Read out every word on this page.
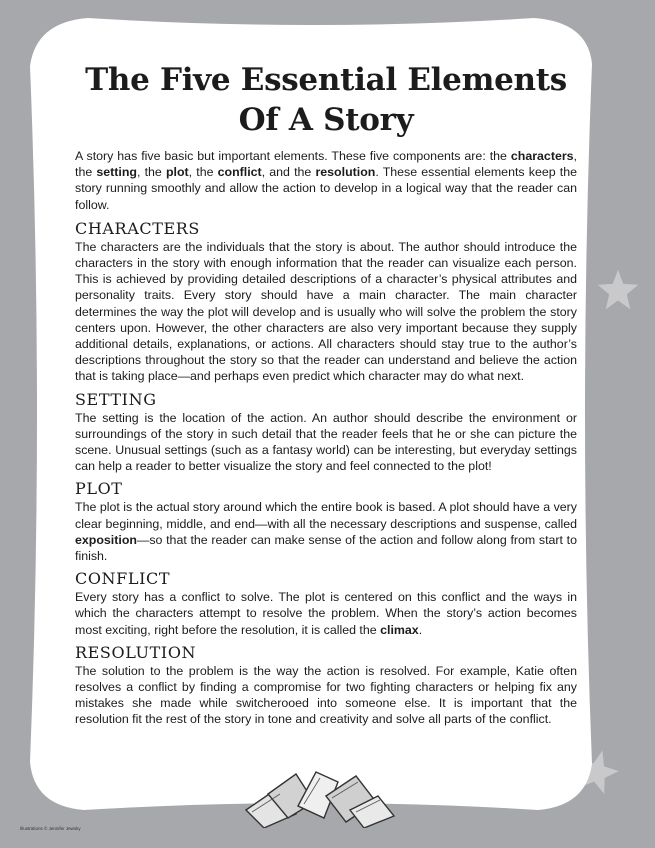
The Five Essential Elements
Of A Story

A story has five basic but important elements. These five components are: the characters, the setting, the plot, the conflict, and the resolution. These essential elements keep the story running smoothly and allow the action to develop in a logical way that the reader can follow.

CHARACTERS

The characters are the individuals that the story is about. The author should introduce the characters in the story with enough information that the reader can visualize each person. This is achieved by providing detailed descriptions of a character’s physical attributes and personality traits. Every story should have a main character. The main character determines the way the plot will develop and is usually who will solve the problem the story centers upon. However, the other characters are also very important because they supply additional details, explanations, or actions. All characters should stay true to the author’s descriptions throughout the story so that the reader can understand and believe the action that is taking place—and perhaps even predict which character may do what next.

SETTING

The setting is the location of the action. An author should describe the environment or surroundings of the story in such detail that the reader feels that he or she can picture the scene. Unusual settings (such as a fantasy world) can be interesting, but everyday settings can help a reader to better visualize the story and feel connected to the plot!

PLOT

The plot is the actual story around which the entire book is based. A plot should have a very clear beginning, middle, and end—with all the necessary descriptions and suspense, called exposition—so that the reader can make sense of the action and follow along from start to finish.

CONFLICT

Every story has a conflict to solve. The plot is centered on this conflict and the ways in which the characters attempt to resolve the problem. When the story’s action becomes most exciting, right before the resolution, it is called the climax.

RESOLUTION

The solution to the problem is the way the action is resolved. For example, Katie often resolves a conflict by finding a compromise for two fighting characters or helping fix any mistakes she made while switcherooed into someone else. It is important that the resolution fit the rest of the story in tone and creativity and solve all parts of the conflict.

Illustrations © Jennifer Jewsky
